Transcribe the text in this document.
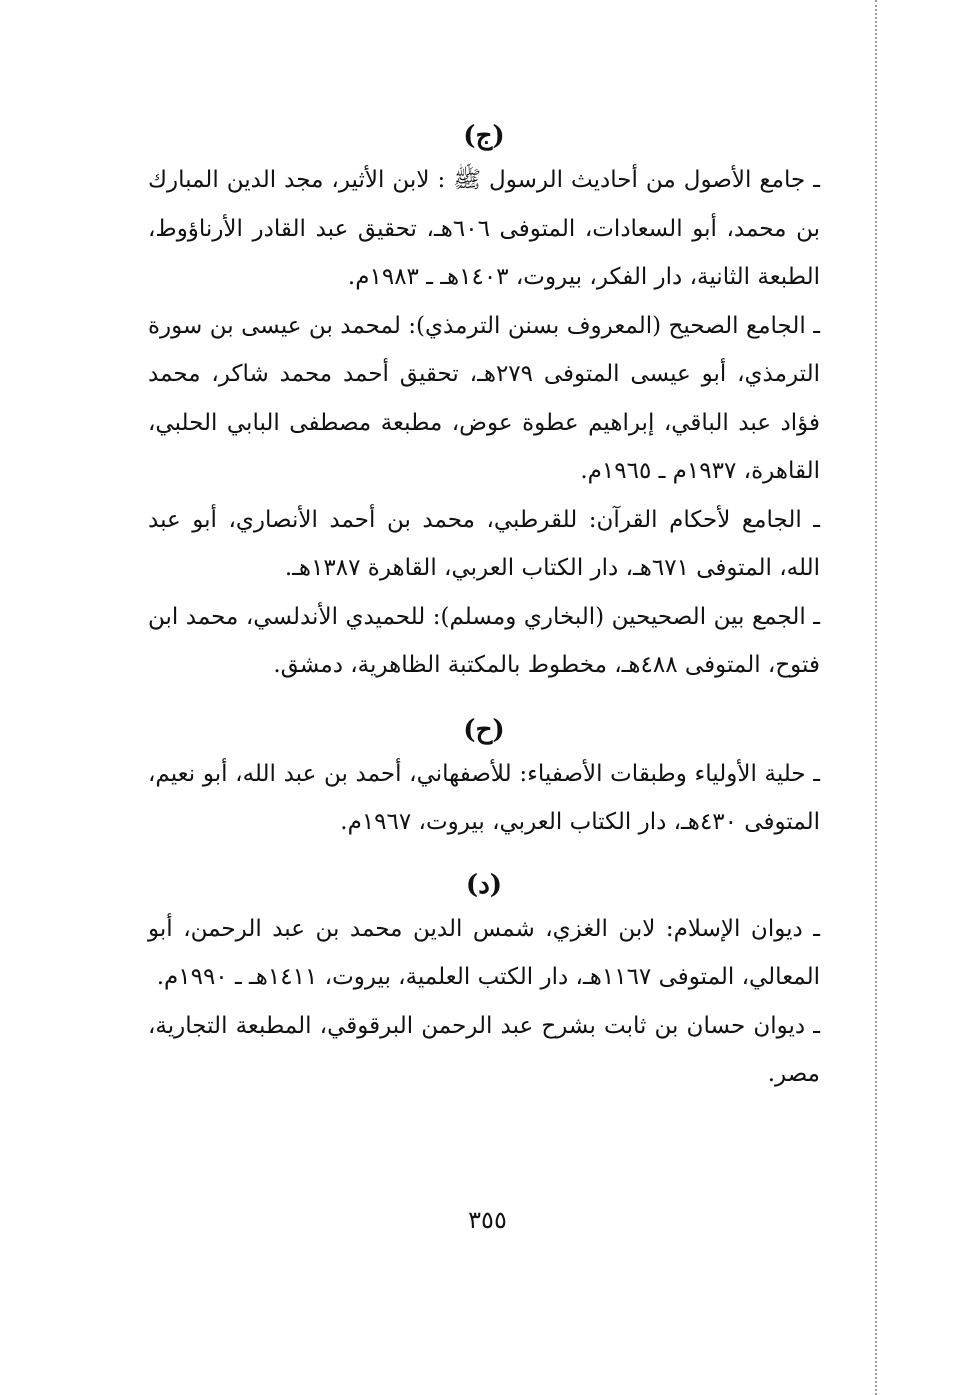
(ج)

ـ جامع الأصول من أحاديث الرسول ﷺ : لابن الأثير، مجد الدين المبارك بن محمد، أبو السعادات، المتوفى ٦٠٦هـ، تحقيق عبد القادر الأرناؤوط، الطبعة الثانية، دار الفكر، بيروت، ١٤٠٣هـ ـ ١٩٨٣م.

ـ الجامع الصحيح (المعروف بسنن الترمذي): لمحمد بن عيسى بن سورة الترمذي، أبو عيسى المتوفى ٢٧٩هـ، تحقيق أحمد محمد شاكر، محمد فؤاد عبد الباقي، إبراهيم عطوة عوض، مطبعة مصطفى البابي الحلبي، القاهرة، ١٩٣٧م ـ ١٩٦٥م.

ـ الجامع لأحكام القرآن: للقرطبي، محمد بن أحمد الأنصاري، أبو عبد الله، المتوفى ٦٧١هـ، دار الكتاب العربي، القاهرة ١٣٨٧هـ.

ـ الجمع بين الصحيحين (البخاري ومسلم): للحميدي الأندلسي، محمد ابن فتوح، المتوفى ٤٨٨هـ، مخطوط بالمكتبة الظاهرية، دمشق.

(ح)

ـ حلية الأولياء وطبقات الأصفياء: للأصفهاني، أحمد بن عبد الله، أبو نعيم، المتوفى ٤٣٠هـ، دار الكتاب العربي، بيروت، ١٩٦٧م.

(د)

ـ ديوان الإسلام: لابن الغزي، شمس الدين محمد بن عبد الرحمن، أبو المعالي، المتوفى ١١٦٧هـ، دار الكتب العلمية، بيروت، ١٤١١هـ ـ ١٩٩٠م.

ـ ديوان حسان بن ثابت بشرح عبد الرحمن البرقوقي، المطبعة التجارية، مصر.

٣٥٥
